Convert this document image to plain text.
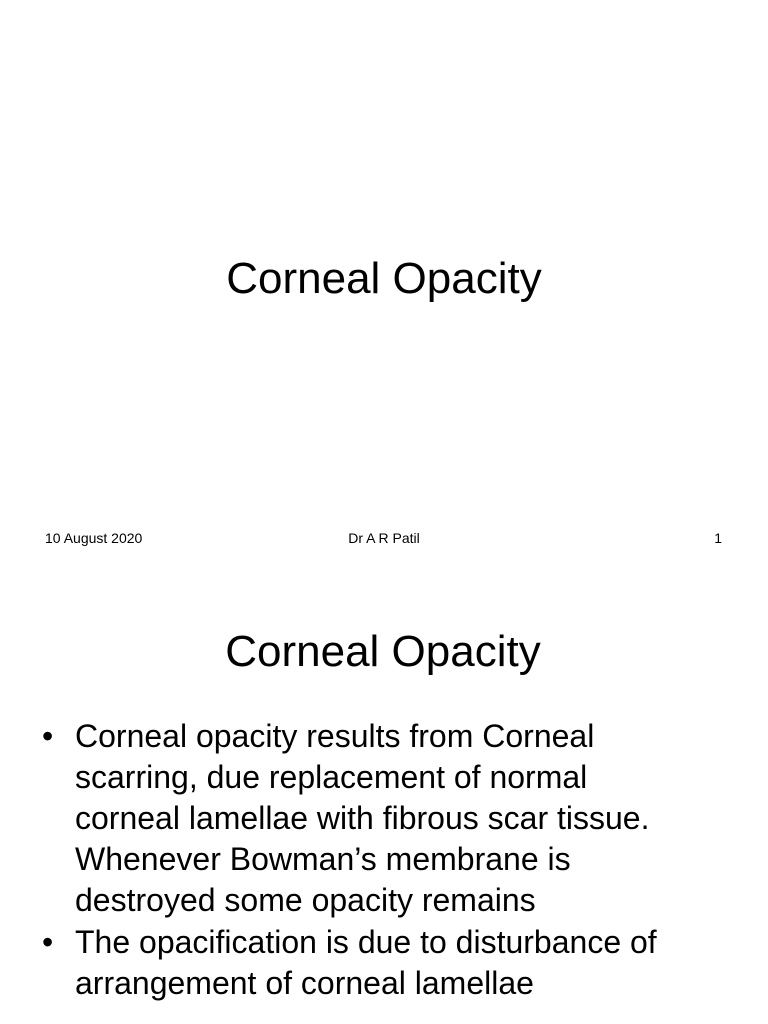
Corneal Opacity
10 August 2020	Dr A R Patil	1
Corneal Opacity
• Corneal opacity results from Corneal
scarring, due replacement of normal
corneal lamellae with fibrous scar tissue.
Whenever Bowman’s membrane is
destroyed some opacity remains
• The opacification is due to disturbance of
arrangement of corneal lamellae
